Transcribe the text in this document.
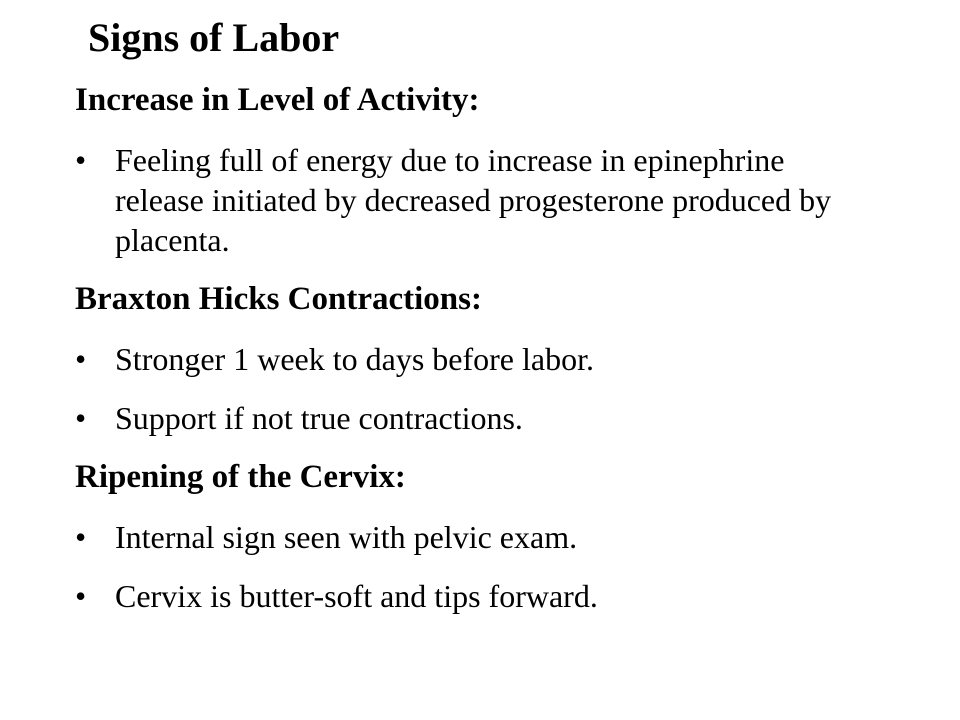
Signs of Labor
Increase in Level of Activity:
• Feeling full of energy due to increase in epinephrine release initiated by decreased progesterone produced by placenta.
Braxton Hicks Contractions:
• Stronger 1 week to days before labor.
• Support if not true contractions.
Ripening of the Cervix:
• Internal sign seen with pelvic exam.
• Cervix is butter-soft and tips forward.
